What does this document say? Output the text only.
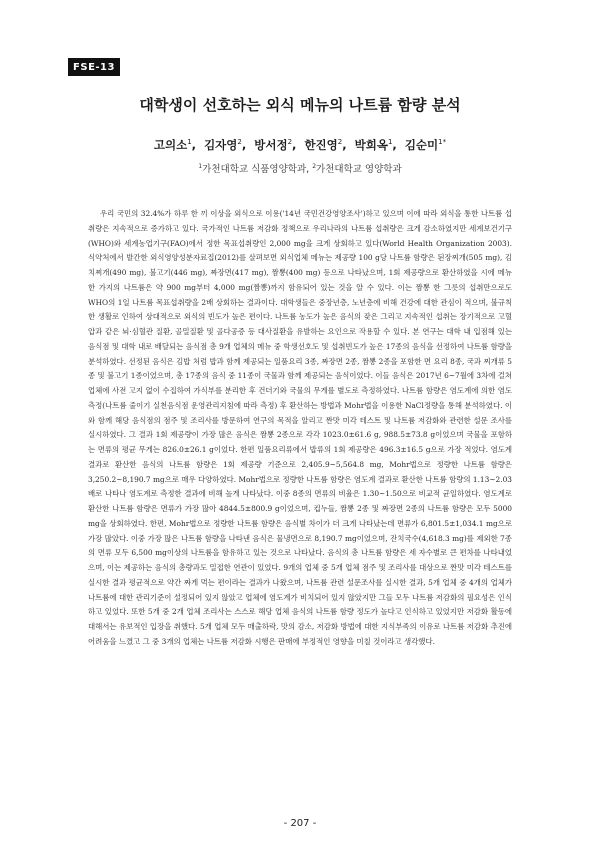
FSE-13
대학생이 선호하는 외식 메뉴의 나트륨 함량 분석
고의소$^1$,  김자영$^2$,  방서정$^2$,  한진영$^2$,  박희옥$^1$,  김순미$^{1*}$
$^1$가천대학교 식품영양학과, $^2$가천대학교 영양학과

우리 국민의 32.4%가 하루 한 끼 이상을 외식으로 이용('14년 국민건강영양조사')하고 있으며 이에 따라 외식을 통한 나트륨 섭취량은 지속적으로 증가하고 있다. 국가적인 나트륨 저감화 정책으로 우리나라의 나트륨 섭취량은 크게 감소하였지만 세계보건기구(WHO)와 세계농업기구(FAO)에서 정한 목표섭취량인 2,000 mg을 크게 상회하고 있다(World Health Organization 2003). 식약처에서 발간한 외식영양성분자료집(2012)를 살펴보면 외식업체 메뉴는 제공량 100 g당 나트륨 함량은 된장찌개(505 mg), 김치찌개(490 mg), 불고기(446 mg), 짜장면(417 mg), 짬뽕(400 mg) 등으로 나타났으며, 1회 제공량으로 환산하였을 시에 메뉴 한 가지의 나트륨은 약 900 mg부터 4,000 mg(짬뽕)까지 함유되어 있는 것을 알 수 있다. 이는 짬뽕 한 그릇의 섭취만으로도 WHO의 1일 나트륨 목표섭취량을 2배 상회하는 결과이다. 대학생들은 중장년층, 노년층에 비해 건강에 대한 관심이 적으며, 불규칙한 생활로 인하여 상대적으로 외식의 빈도가 높은 편이다. 나트륨 농도가 높은 음식의 잦은 그리고 지속적인 섭취는 장기적으로 고혈압과 같은 뇌·심혈관 질환, 골밀질환 및 골다공증 등 대사질환을 유발하는 요인으로 작용할 수 있다. 본 연구는 대학 내 입점해 있는 음식점 및 대학 내로 배달되는 음식점 총 9개 업체의 메뉴 중 학생선호도 및 섭취빈도가 높은 17종의 음식을 선정하여 나트륨 함량을 분석하였다. 선정된 음식은 김밥 처럼 밥과 함께 제공되는 일품요리 3종, 짜장면 2종, 짬뽕 2종을 포함한 면 요리 8종, 국과 찌개류 5종 및 불고기 1종이었으며, 총 17종의 음식 중 11종이 국물과 함께 제공되는 음식이었다. 이들 음식은 2017년 6~7월에 3차에 걸쳐 업체에 사전 고지 없이 수집하여 가식부를 분리한 후 건더기와 국물의 무게를 별도로 측정하였다. 나트륨 함량은 염도계에 의한 염도 측정(나트륨 줄이기 실천음식점 운영관리지침에 따라 측정) 후 환산하는 방법과 Mohr법을 이용한 NaCl정량을 통해 분석하였다. 이와 함께 해당 음식점의 점주 및 조리사를 방문하여 연구의 목적을 알리고 짠맛 미각 테스트 및 나트륨 저감화와 관련한 설문 조사를 실시하였다. 그 결과 1회 제공량이 가장 많은 음식은 짬뽕 2종으로 각각 1023.0±61.6 g, 988.5±73.8 g이었으며 국물을 포함하는 면류의 평균 무게는 826.0±26.1 g이었다. 한편 일품요리류에서 밥류의 1회 제공량은 496.3±16.5 g으로 가장 적었다. 염도계 결과로 환산한 음식의 나트륨 함량은 1회 제공량 기준으로 2,405.9~5,564.8 mg, Mohr법으로 정량한 나트륨 함량은 3,250.2~8,190.7 mg으로 매우 다양하였다. Mohr법으로 정량한 나트륨 함량은 염도계 결과로 환산한 나트륨 함량의 1.13~2.03배로 나타나 염도계로 측정한 결과에 비해 높게 나타났다. 이중 8종의 면류의 비율은 1.30~1.50으로 비교적 균일하였다. 염도계로 환산한 나트륨 함량은 면류가 가장 많아 4844.5±800.9 g이었으며, 컵누들, 짬뽕 2종 및 짜장면 2종의 나트륨 함량은 모두 5000 mg을 상회하였다. 한편, Mohr법으로 정량한 나트륨 함량은 음식별 차이가 더 크게 나타났는데 면류가 6,801.5±1,034.1 mg으로 가장 많았다. 이중 가장 많은 나트륨 함량을 나타낸 음식은 물냉면으로 8,190.7 mg이었으며, 잔치국수(4,618.3 mg)를 제외한 7종의 면류 모두 6,500 mg이상의 나트륨을 함유하고 있는 것으로 나타났다. 음식의 총 나트륨 함량은 세 자수별로 큰 편차를 나타내었으며, 이는 제공하는 음식의 총량과도 밀접한 연관이 있었다. 9개의 업체 중 5개 업체 점주 및 조리사를 대상으로 짠맛 미각 테스트를 실시한 결과 평균적으로 약간 짜게 먹는 편이라는 결과가 나왔으며, 나트륨 관련 설문조사를 실시한 결과, 5개 업체 중 4개의 업체가 나트륨에 대한 관리기준이 설정되어 있지 않았고 업체에 염도계가 비치되어 있지 않았지만 그들 모두 나트륨 저감화의 필요성은 인식하고 있었다. 또한 5개 중 2개 업체 조리사는 스스로 해당 업체 음식의 나트륨 함량 정도가 높다고 인식하고 있었지만 저감화 활동에 대해서는 유보적인 입장을 취했다. 5개 업체 모두 매출하락, 맛의 감소, 저감화 방법에 대한 지식부족의 이유로 나트륨 저감화 추진에 어려움을 느꼈고 그 중 3개의 업체는 나트륨 저감화 시행은 판매에 부정적인 영향을 미칠 것이라고 생각했다.

- 207 -
